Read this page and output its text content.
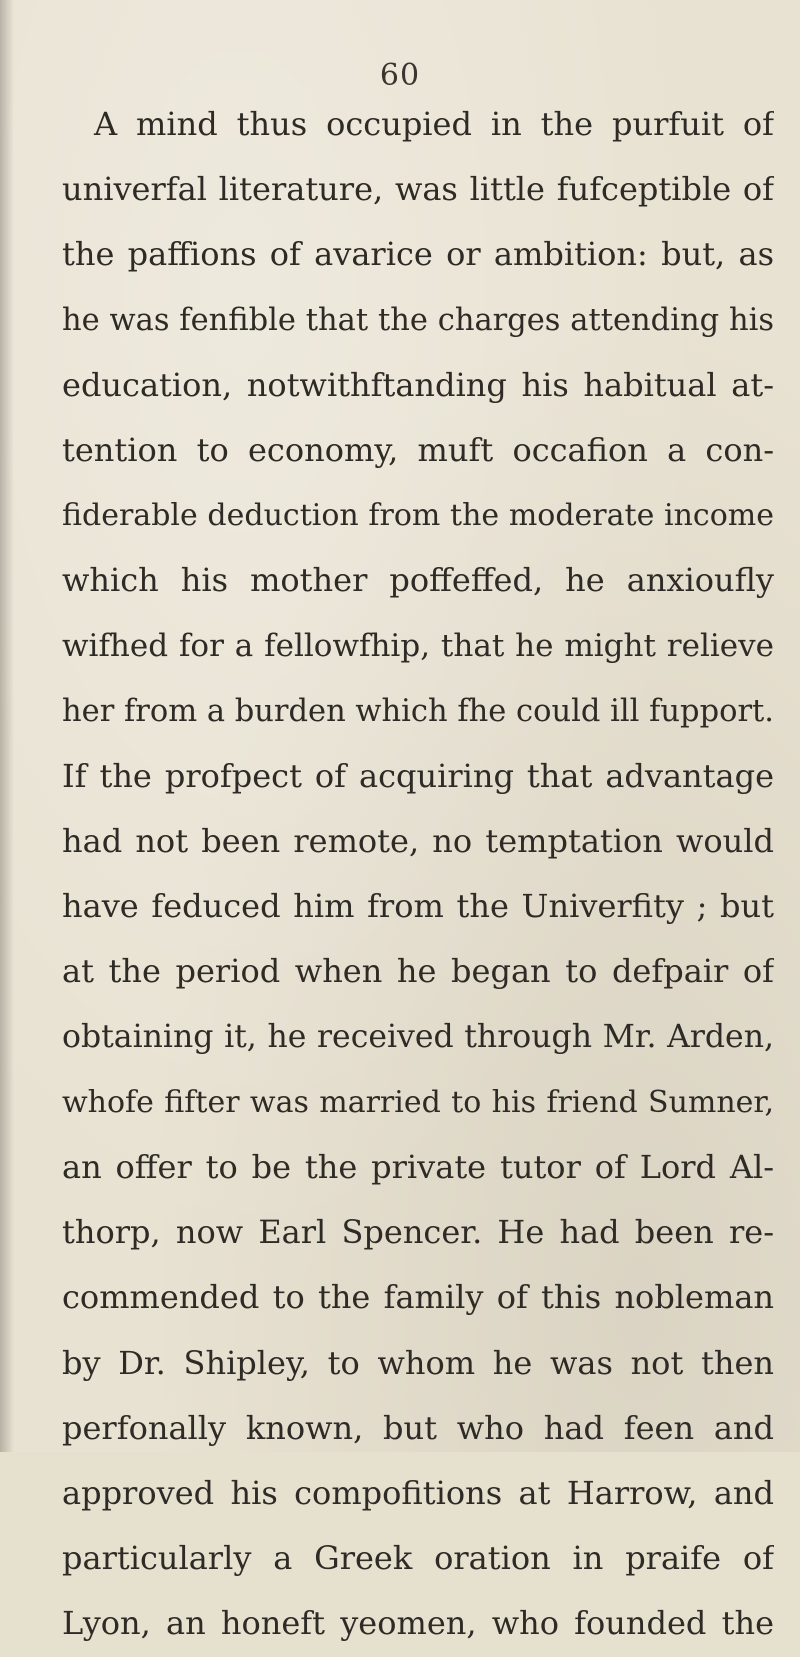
60
A mind thus occupied in the purfuit of
univerfal literature, was little fufceptible of
the paffions of avarice or ambition: but, as
he was fenfible that the charges attending his
education, notwithftanding his habitual at-
tention to economy, muft occafion a con-
fiderable deduction from the moderate income
which his mother poffeffed, he anxioufly
wifhed for a fellowfhip, that he might relieve
her from a burden which fhe could ill fupport.
If the profpect of acquiring that advantage
had not been remote, no temptation would
have feduced him from the Univerfity ; but
at the period when he began to defpair of
obtaining it, he received through Mr. Arden,
whofe fifter was married to his friend Sumner,
an offer to be the private tutor of Lord Al-
thorp, now Earl Spencer. He had been re-
commended to the family of this nobleman
by Dr. Shipley, to whom he was not then
perfonally known, but who had feen and
approved his compofitions at Harrow, and
particularly a Greek oration in praife of
Lyon, an honeft yeomen, who founded the
